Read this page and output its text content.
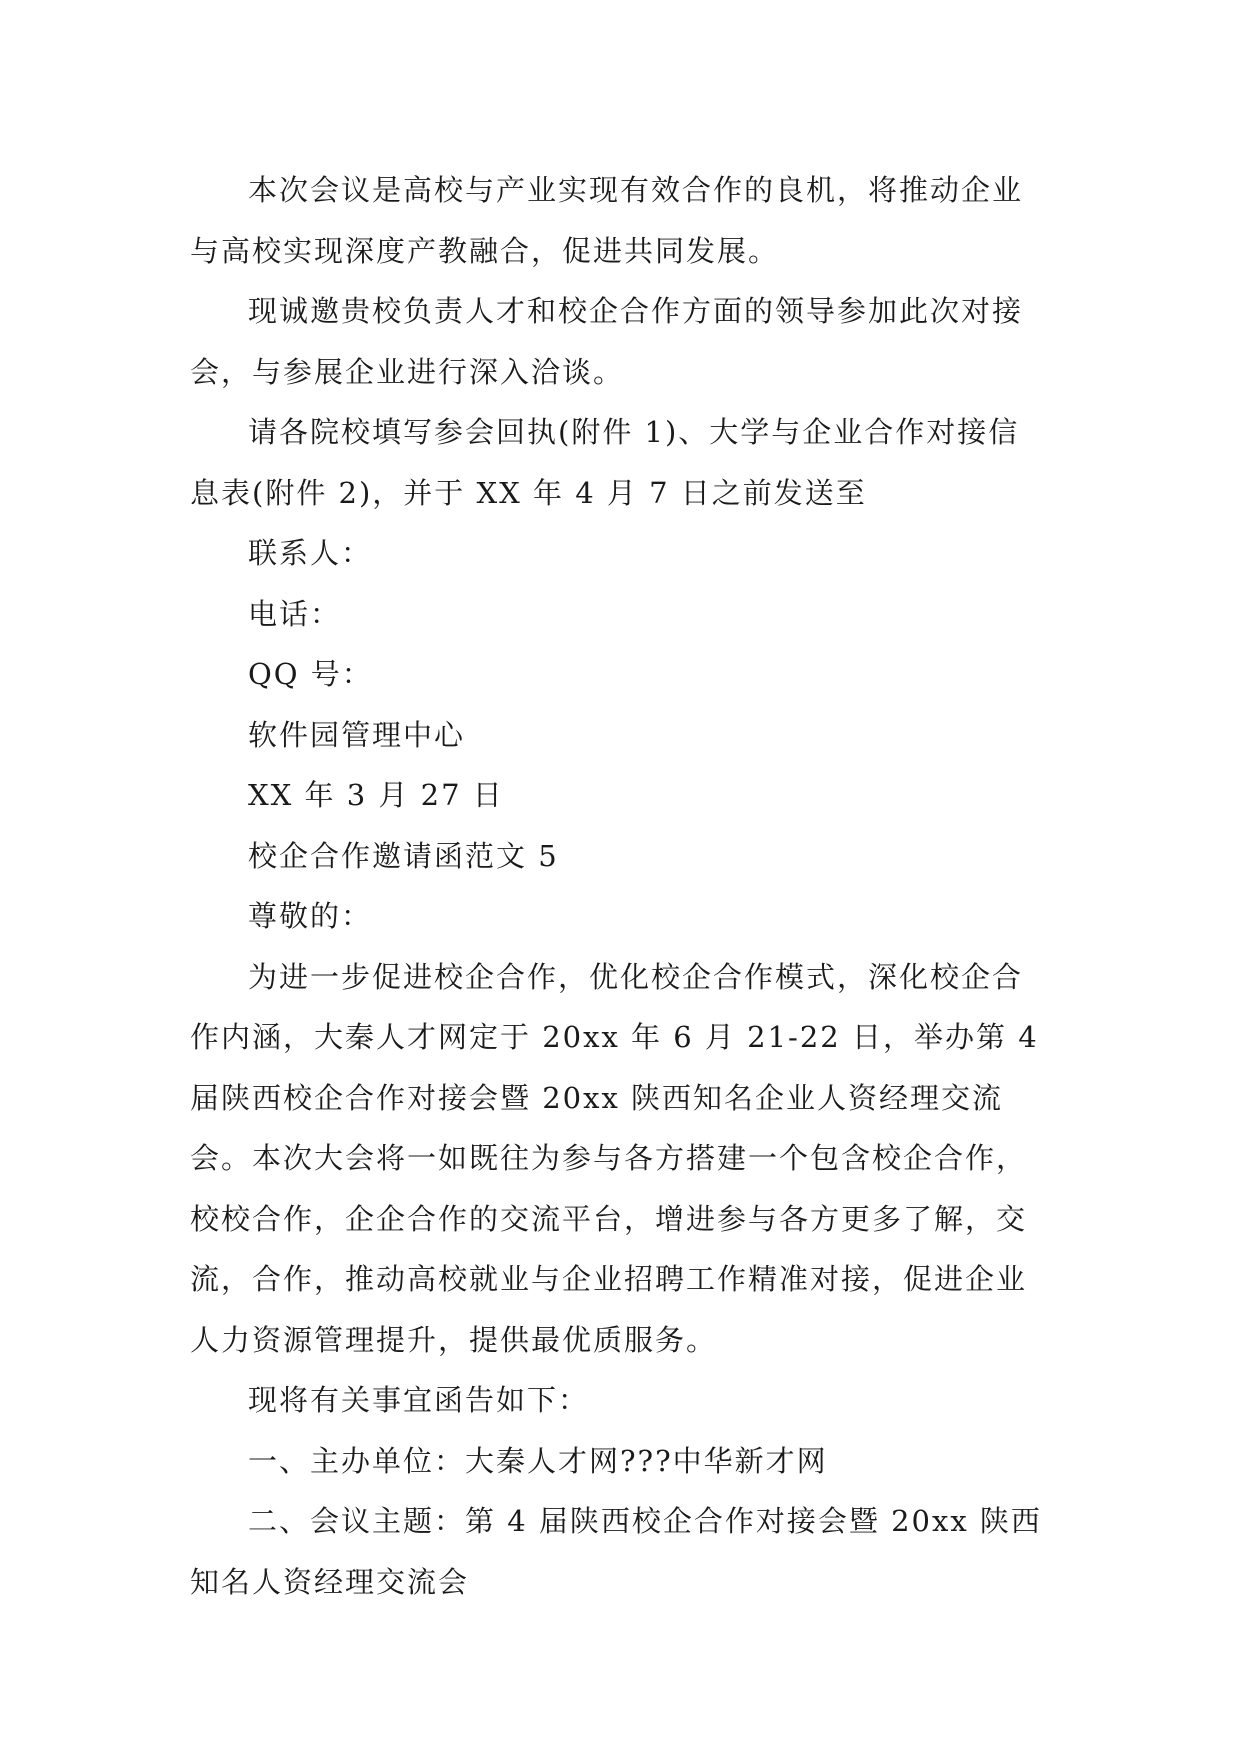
本次会议是高校与产业实现有效合作的良机，将推动企业与高校实现深度产教融合，促进共同发展。

现诚邀贵校负责人才和校企合作方面的领导参加此次对接会，与参展企业进行深入洽谈。

请各院校填写参会回执(附件 1)、大学与企业合作对接信息表(附件 2)，并于 XX 年 4 月 7 日之前发送至

联系人：

电话：

QQ 号：

软件园管理中心

XX 年 3 月 27 日

校企合作邀请函范文 5

尊敬的：

为进一步促进校企合作，优化校企合作模式，深化校企合作内涵，大秦人才网定于 20xx 年 6 月 21-22 日，举办第 4 届陕西校企合作对接会暨 20xx 陕西知名企业人资经理交流会。本次大会将一如既往为参与各方搭建一个包含校企合作，校校合作，企企合作的交流平台，增进参与各方更多了解，交流，合作，推动高校就业与企业招聘工作精准对接，促进企业人力资源管理提升，提供最优质服务。

现将有关事宜函告如下：

一、主办单位：大秦人才网???中华新才网

二、会议主题：第 4 届陕西校企合作对接会暨 20xx 陕西知名人资经理交流会
